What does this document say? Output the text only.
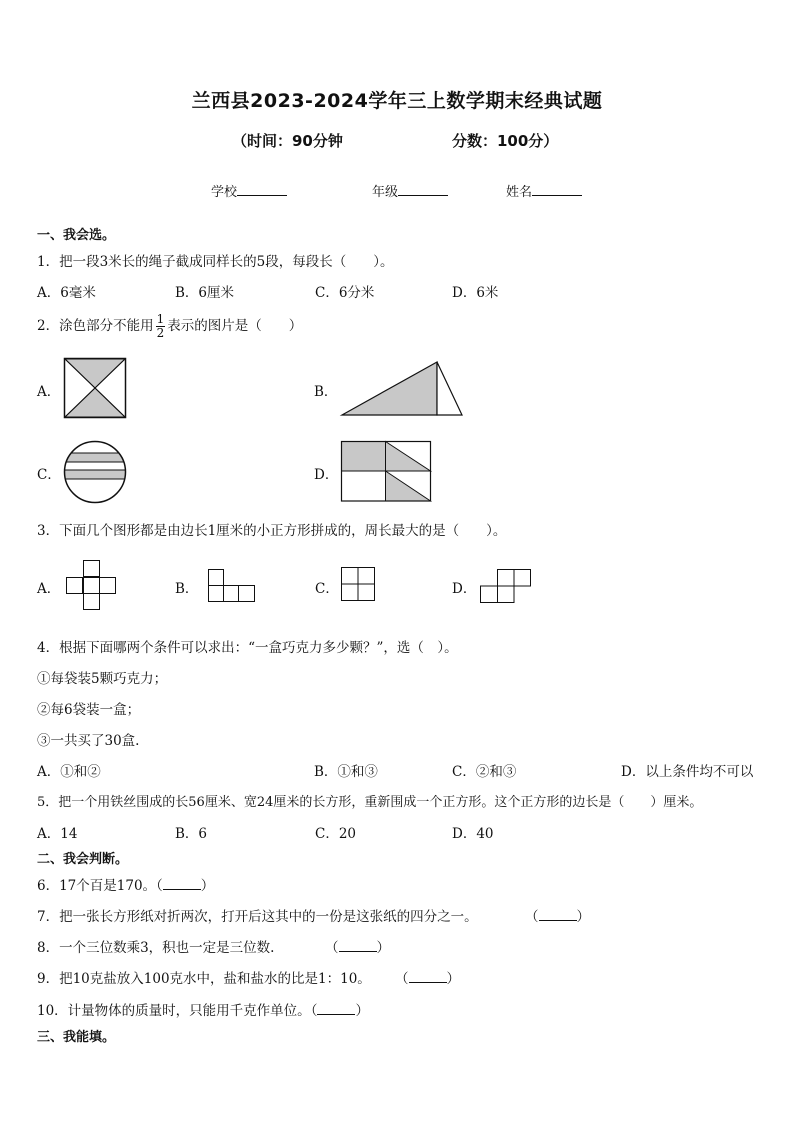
兰西县2023-2024学年三上数学期末经典试题
（时间：90分钟	分数：100分）
学校	年级	姓名
一、我会选。
1．把一段3米长的绳子截成同样长的5段，每段长（　　）。
A．6毫米	B．6厘米	C．6分米	D．6米
2．涂色部分不能用 $\frac{1}{2}$ 表示的图片是（　　）
A．	B．
C．	D．
3．下面几个图形都是由边长1厘米的小正方形拼成的，周长最大的是（　　）。
A．	B．	C．	D．
4．根据下面哪两个条件可以求出：“一盒巧克力多少颗？”，选（　）。
①每袋装5颗巧克力；
②每6袋装一盒；
③一共买了30盒.
A．①和②	B．①和③	C．②和③	D．以上条件均不可以
5．把一个用铁丝围成的长56厘米、宽24厘米的长方形，重新围成一个正方形。这个正方形的边长是（　　）厘米。
A．14	B．6	C．20	D．40
二、我会判断。
6．17个百是170。（	）
7．把一张长方形纸对折两次，打开后这其中的一份是这张纸的四分之一。	（	）
8．一个三位数乘3，积也一定是三位数.	（	）
9．把10克盐放入100克水中，盐和盐水的比是1：10。 （	）
10．计量物体的质量时，只能用千克作单位。（	）
三、我能填。
